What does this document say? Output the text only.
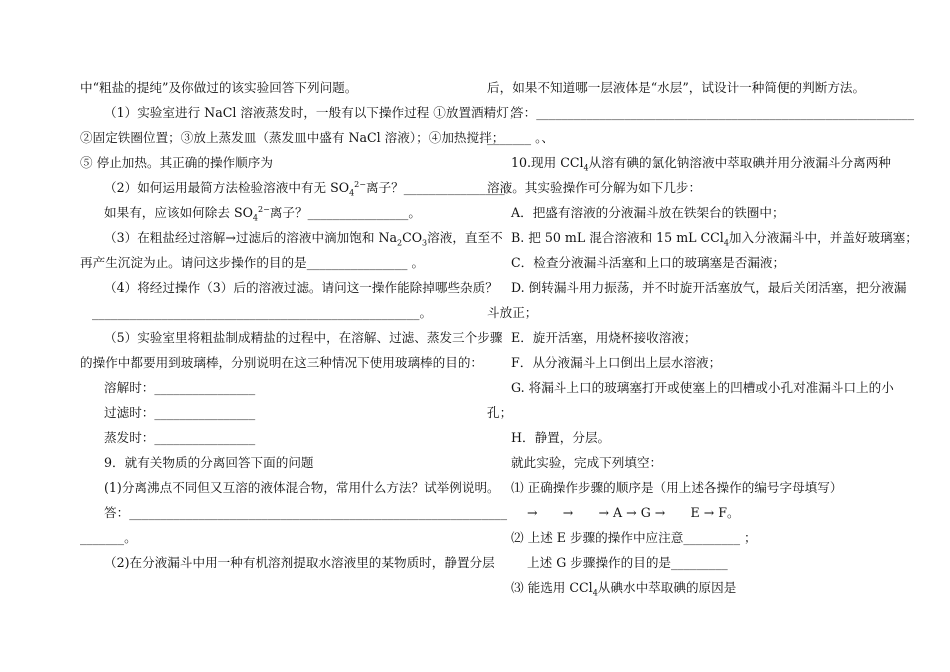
中“粗盐的提纯”及你做过的该实验回答下列问题。
（1）实验室进行 NaCl 溶液蒸发时，一般有以下操作过程 ①放置酒精灯；
②固定铁圈位置；③放上蒸发皿（蒸发皿中盛有 NaCl 溶液）；④加热搅拌；
⑤ 停止加热。其正确的操作顺序为
（2）如何运用最简方法检验溶液中有无 $SO_4^{2-}$离子？________________。
如果有，应该如何除去 $SO_4^{2-}$离子？________________。
（3）在粗盐经过溶解→过滤后的溶液中滴加饱和 $Na_2CO_3$溶液，直至不
再产生沉淀为止。请问这步操作的目的是________________ 。
（4）将经过操作（3）后的溶液过滤。请问这一操作能除掉哪些杂质？
____________________________________________________。
（5）实验室里将粗盐制成精盐的过程中，在溶解、过滤、蒸发三个步骤
的操作中都要用到玻璃棒，分别说明在这三种情况下使用玻璃棒的目的：
溶解时：________________
过滤时：________________
蒸发时：________________
9．就有关物质的分离回答下面的问题
(1)分离沸点不同但又互溶的液体混合物，常用什么方法？试举例说明。
答：____________________________________________________________
_______。
（2)在分液漏斗中用一种有机溶剂提取水溶液里的某物质时，静置分层
后，如果不知道哪一层液体是“水层”，试设计一种简便的判断方法。
答：____________________________________________________________
_______ 。、
10.现用 CCl$_4$从溶有碘的氯化钠溶液中萃取碘并用分液漏斗分离两种
溶液。其实验操作可分解为如下几步：
A．把盛有溶液的分液漏斗放在铁架台的铁圈中；
B. 把 50 mL 混合溶液和 15 mL CCl$_4$加入分液漏斗中，并盖好玻璃塞；
C．检查分液漏斗活塞和上口的玻璃塞是否漏液；
D. 倒转漏斗用力振荡，并不时旋开活塞放气，最后关闭活塞，把分液漏
斗放正；
E．旋开活塞，用烧杯接收溶液；
F．从分液漏斗上口倒出上层水溶液；
G. 将漏斗上口的玻璃塞打开或使塞上的凹槽或小孔对准漏斗口上的小
孔；
H．静置，分层。
就此实验，完成下列填空：
⑴ 正确操作步骤的顺序是（用上述各操作的编号字母填写）
→　　→　　→ A → G →　　E → F。
⑵ 上述 E 步骤的操作中应注意_________ ；
上述 G 步骤操作的目的是_________
⑶ 能选用 CCl$_4$从碘水中萃取碘的原因是
